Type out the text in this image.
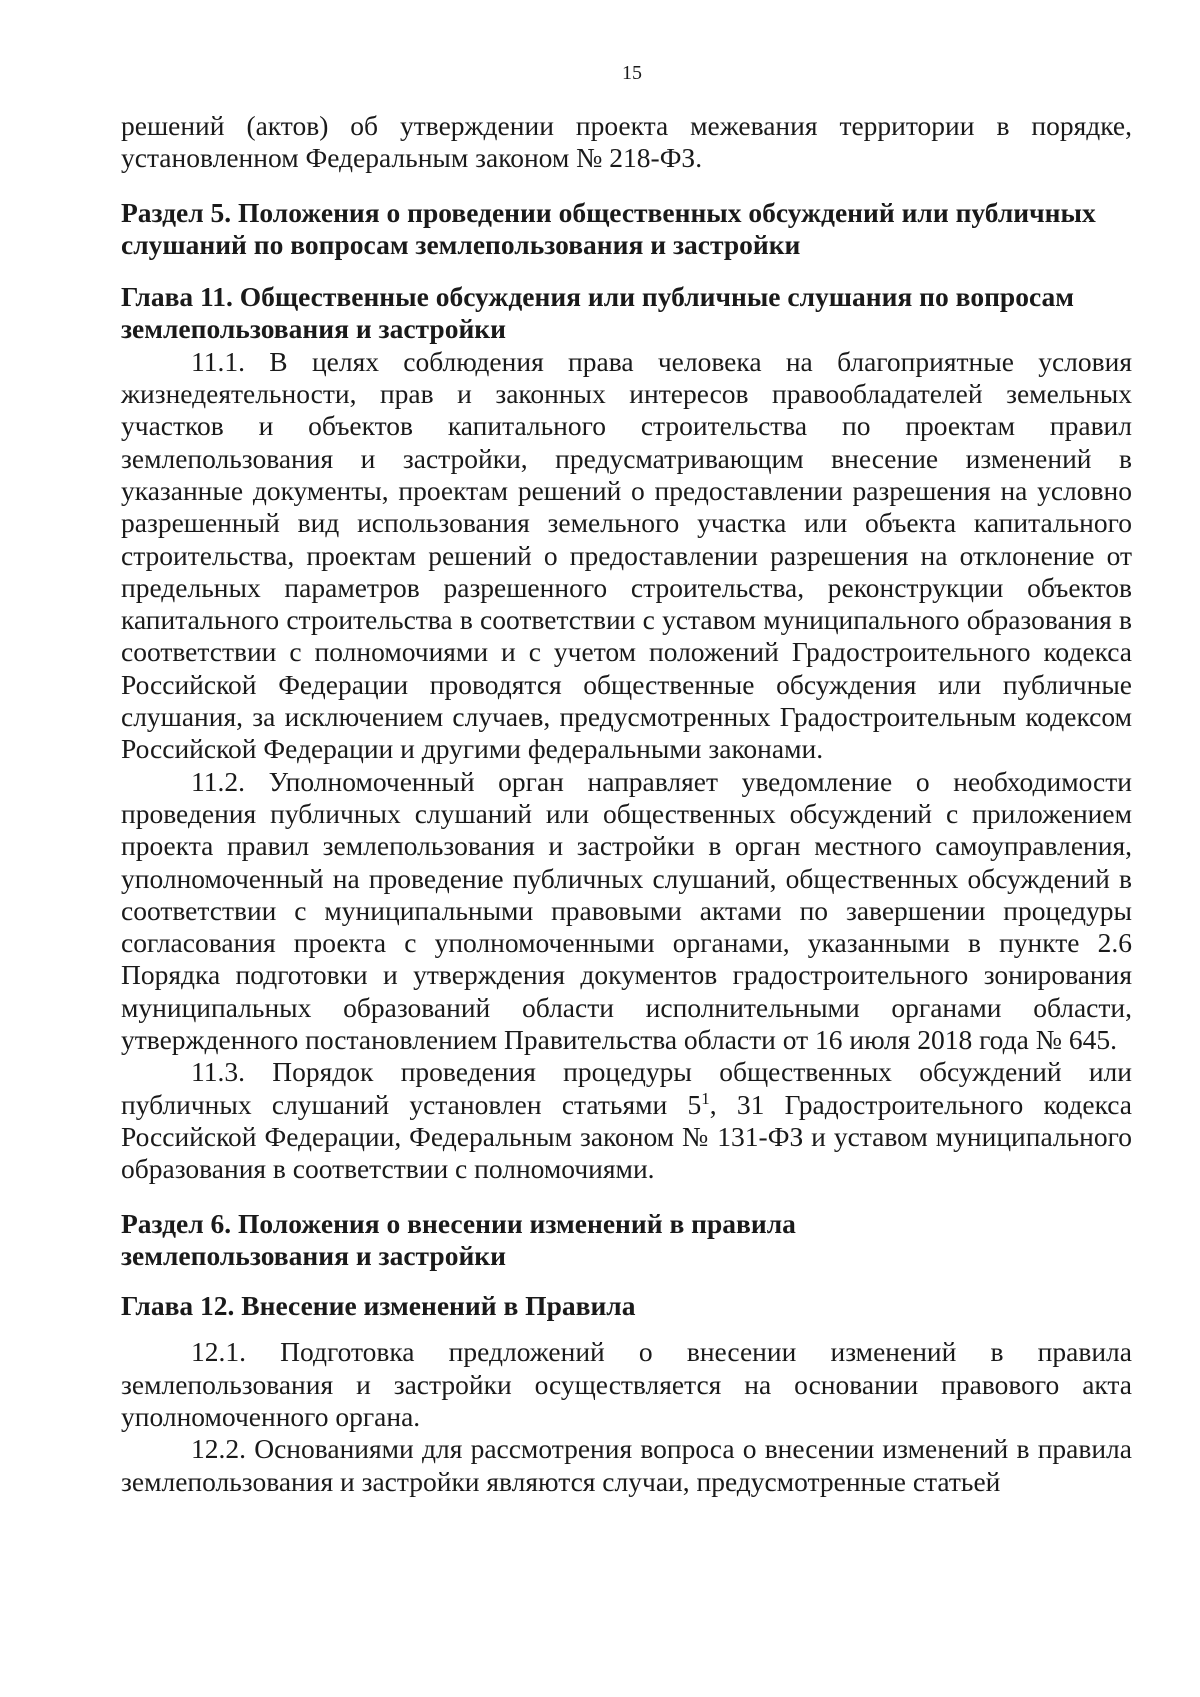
15

решений (актов) об утверждении проекта межевания территории в порядке, установленном Федеральным законом № 218-ФЗ.

Раздел 5. Положения о проведении общественных обсуждений или публичных

слушаний по вопросам землепользования и застройки

Глава 11. Общественные обсуждения или публичные слушания по вопросам

землепользования и застройки

11.1. В целях соблюдения права человека на благоприятные условия жизнедеятельности, прав и законных интересов правообладателей земельных участков и объектов капитального строительства по проектам правил землепользования и застройки, предусматривающим внесение изменений в указанные документы, проектам решений о предоставлении разрешения на условно разрешенный вид использования земельного участка или объекта капитального строительства, проектам решений о предоставлении разрешения на отклонение от предельных параметров разрешенного строительства, реконструкции объектов капитального строительства в соответствии с уставом муниципального образования в соответствии с полномочиями и с учетом положений Градостроительного кодекса Российской Федерации проводятся общественные обсуждения или публичные слушания, за исключением случаев, предусмотренных Градостроительным кодексом Российской Федерации и другими федеральными законами.

11.2. Уполномоченный орган направляет уведомление о необходимости проведения публичных слушаний или общественных обсуждений с приложением проекта правил землепользования и застройки в орган местного самоуправления, уполномоченный на проведение публичных слушаний, общественных обсуждений в соответствии с муниципальными правовыми актами по завершении процедуры согласования проекта с уполномоченными органами, указанными в пункте 2.6 Порядка подготовки и утверждения документов градостроительного зонирования муниципальных образований области исполнительными органами области, утвержденного постановлением Правительства области от 16 июля 2018 года № 645.

11.3. Порядок проведения процедуры общественных обсуждений или публичных слушаний установлен статьями $5^1$, 31 Градостроительного кодекса Российской Федерации, Федеральным законом № 131-ФЗ и уставом муниципального образования в соответствии с полномочиями.

Раздел 6. Положения о внесении изменений в правила

землепользования и застройки

Глава 12. Внесение изменений в Правила

12.1. Подготовка предложений о внесении изменений в правила землепользования и застройки осуществляется на основании правового акта уполномоченного органа.

12.2. Основаниями для рассмотрения вопроса о внесении изменений в правила землепользования и застройки являются случаи, предусмотренные статьей
